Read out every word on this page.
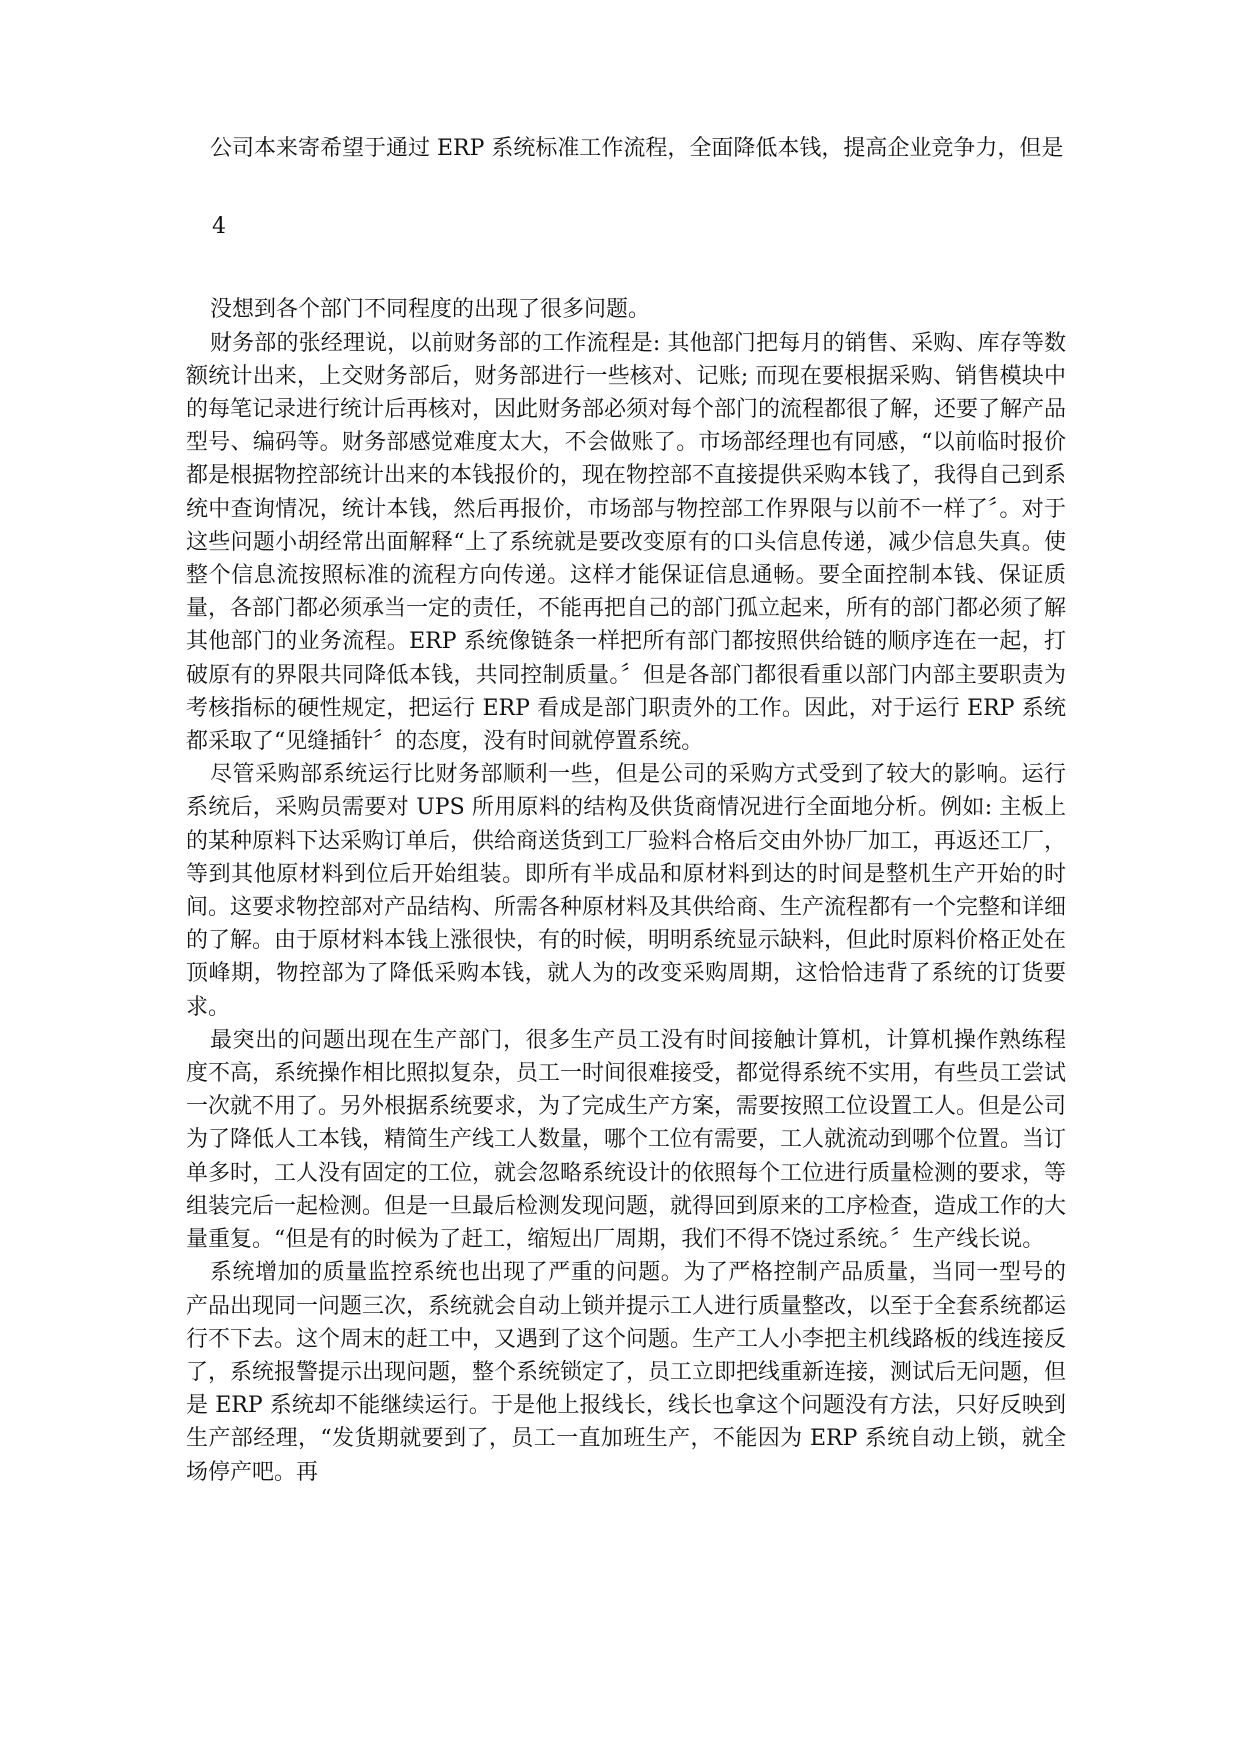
公司本来寄希望于通过 ERP 系统标准工作流程，全面降低本钱，提高企业竞争力，但是

4

没想到各个部门不同程度的出现了很多问题。

财务部的张经理说，以前财务部的工作流程是: 其他部门把每月的销售、采购、库存等数额统计出来，上交财务部后，财务部进行一些核对、记账; 而现在要根据采购、销售模块中的每笔记录进行统计后再核对，因此财务部必须对每个部门的流程都很了解，还要了解产品型号、编码等。财务部感觉难度太大，不会做账了。市场部经理也有同感，“以前临时报价都是根据物控部统计出来的本钱报价的，现在物控部不直接提供采购本钱了，我得自己到系统中查询情况，统计本钱，然后再报价，市场部与物控部工作界限与以前不一样了〞。对于这些问题小胡经常出面解释“上了系统就是要改变原有的口头信息传递，减少信息失真。使整个信息流按照标准的流程方向传递。这样才能保证信息通畅。要全面控制本钱、保证质量，各部门都必须承当一定的责任，不能再把自己的部门孤立起来，所有的部门都必须了解其他部门的业务流程。ERP 系统像链条一样把所有部门都按照供给链的顺序连在一起，打破原有的界限共同降低本钱，共同控制质量。〞但是各部门都很看重以部门内部主要职责为考核指标的硬性规定，把运行 ERP 看成是部门职责外的工作。因此，对于运行 ERP 系统都采取了“见缝插针〞的态度，没有时间就停置系统。

尽管采购部系统运行比财务部顺利一些，但是公司的采购方式受到了较大的影响。运行系统后，采购员需要对 UPS 所用原料的结构及供货商情况进行全面地分析。例如: 主板上的某种原料下达采购订单后，供给商送货到工厂验料合格后交由外协厂加工，再返还工厂，等到其他原材料到位后开始组装。即所有半成品和原材料到达的时间是整机生产开始的时间。这要求物控部对产品结构、所需各种原材料及其供给商、生产流程都有一个完整和详细的了解。由于原材料本钱上涨很快，有的时候，明明系统显示缺料，但此时原料价格正处在顶峰期，物控部为了降低采购本钱，就人为的改变采购周期，这恰恰违背了系统的订货要求。

最突出的问题出现在生产部门，很多生产员工没有时间接触计算机，计算机操作熟练程度不高，系统操作相比照拟复杂，员工一时间很难接受，都觉得系统不实用，有些员工尝试一次就不用了。另外根据系统要求，为了完成生产方案，需要按照工位设置工人。但是公司为了降低人工本钱，精简生产线工人数量，哪个工位有需要，工人就流动到哪个位置。当订单多时，工人没有固定的工位，就会忽略系统设计的依照每个工位进行质量检测的要求，等组装完后一起检测。但是一旦最后检测发现问题，就得回到原来的工序检查，造成工作的大量重复。“但是有的时候为了赶工，缩短出厂周期，我们不得不饶过系统。〞生产线长说。

系统增加的质量监控系统也出现了严重的问题。为了严格控制产品质量，当同一型号的产品出现同一问题三次，系统就会自动上锁并提示工人进行质量整改，以至于全套系统都运行不下去。这个周末的赶工中，又遇到了这个问题。生产工人小李把主机线路板的线连接反了，系统报警提示出现问题，整个系统锁定了，员工立即把线重新连接，测试后无问题，但是 ERP 系统却不能继续运行。于是他上报线长，线长也拿这个问题没有方法，只好反映到生产部经理，“发货期就要到了，员工一直加班生产，不能因为 ERP 系统自动上锁，就全场停产吧。再
